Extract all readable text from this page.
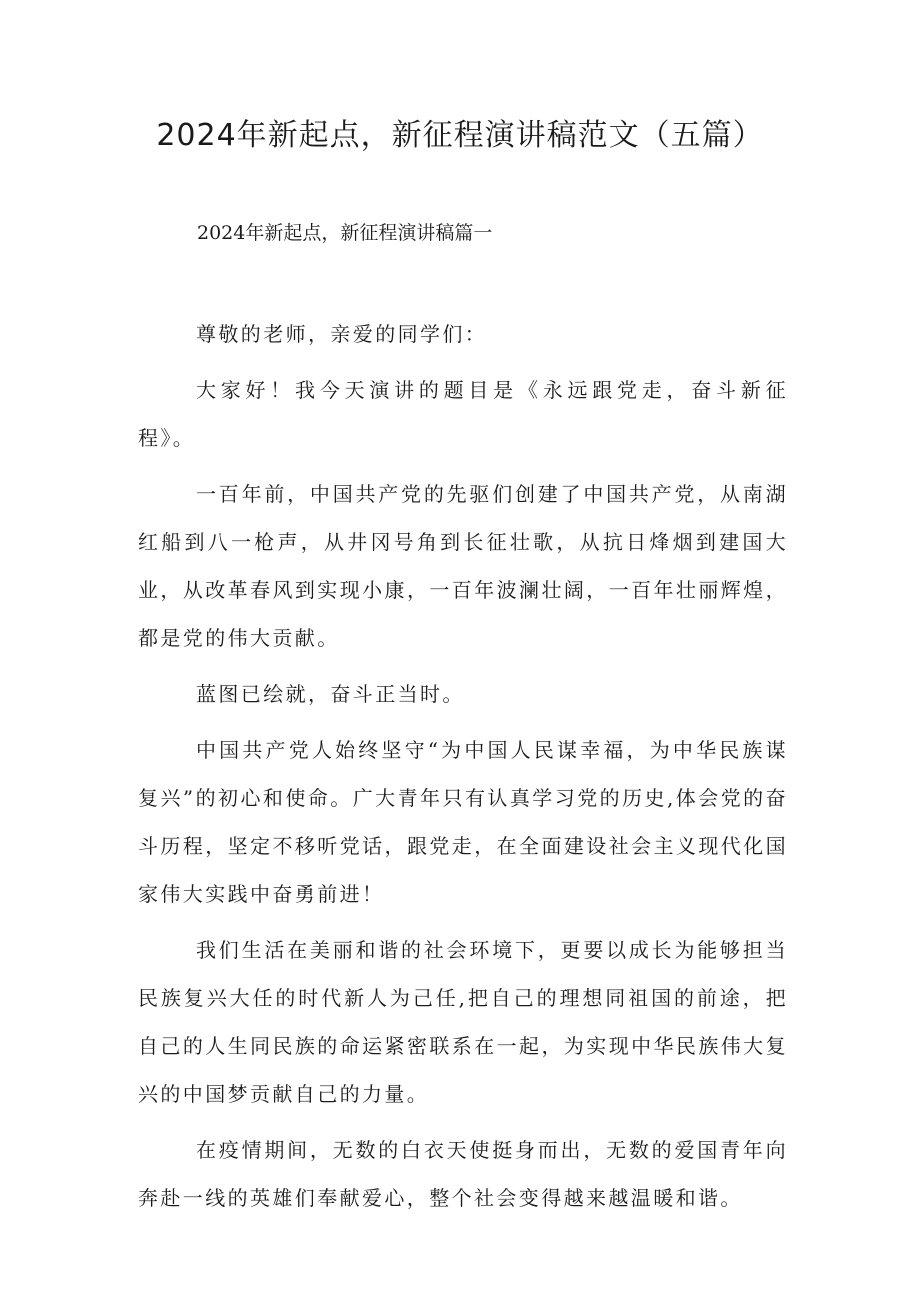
2024年新起点，新征程演讲稿范文（五篇）

2024年新起点，新征程演讲稿篇一

尊敬的老师，亲爱的同学们：

大家好！我今天演讲的题目是《永远跟党走，奋斗新征程》。

一百年前，中国共产党的先驱们创建了中国共产党，从南湖红船到八一枪声，从井冈号角到长征壮歌，从抗日烽烟到建国大业，从改革春风到实现小康，一百年波澜壮阔，一百年壮丽辉煌，都是党的伟大贡献。

蓝图已绘就，奋斗正当时。

中国共产党人始终坚守“为中国人民谋幸福，为中华民族谋复兴”的初心和使命。广大青年只有认真学习党的历史,体会党的奋斗历程，坚定不移听党话，跟党走，在全面建设社会主义现代化国家伟大实践中奋勇前进！

我们生活在美丽和谐的社会环境下，更要以成长为能够担当民族复兴大任的时代新人为己任,把自己的理想同祖国的前途，把自己的人生同民族的命运紧密联系在一起，为实现中华民族伟大复兴的中国梦贡献自己的力量。

在疫情期间，无数的白衣天使挺身而出，无数的爱国青年向奔赴一线的英雄们奉献爱心，整个社会变得越来越温暖和谐。
